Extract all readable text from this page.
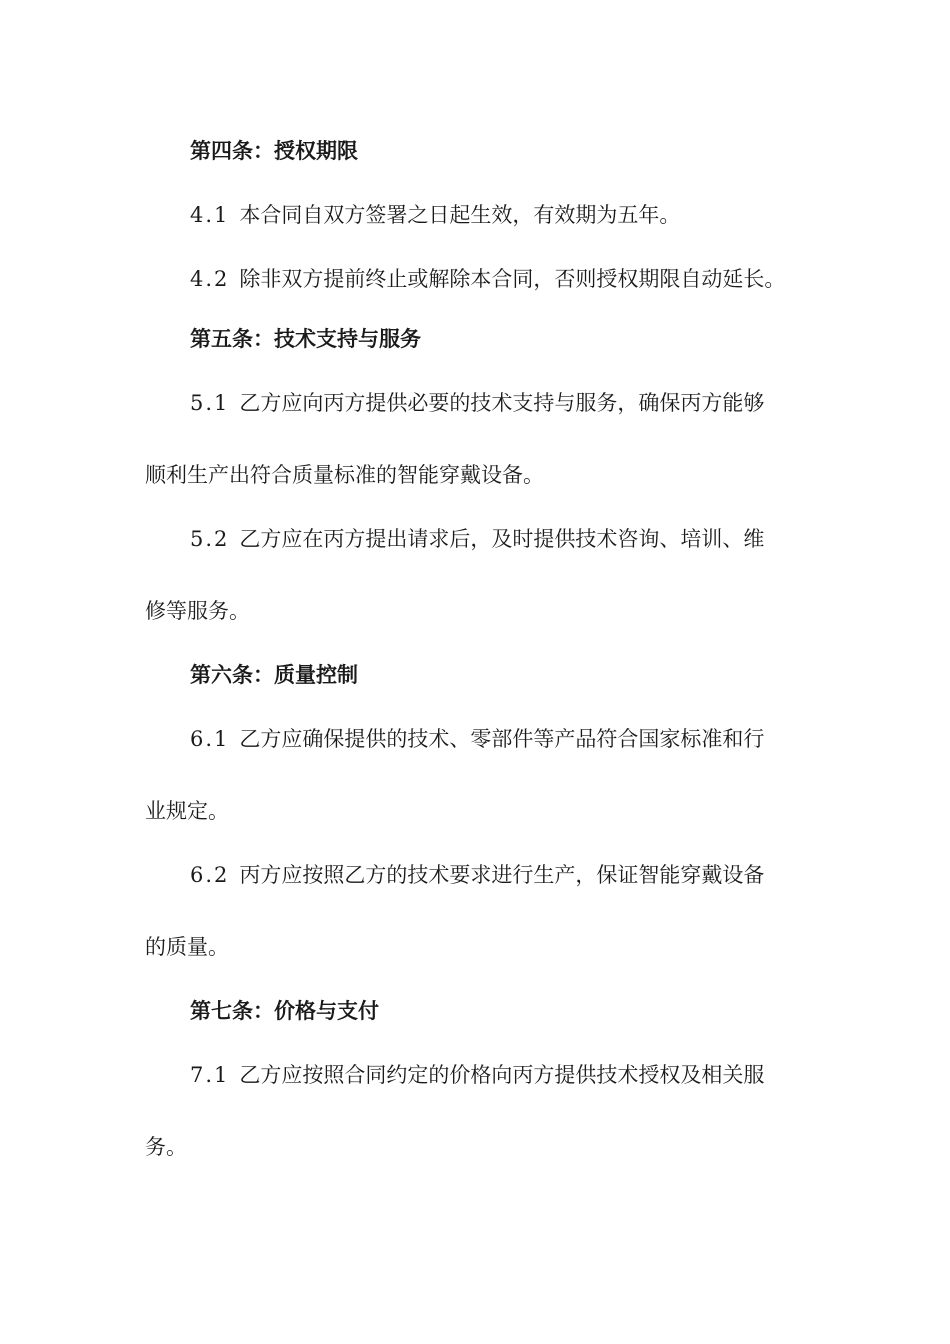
第四条：授权期限
4.1 本合同自双方签署之日起生效，有效期为五年。
4.2 除非双方提前终止或解除本合同，否则授权期限自动延长。
第五条：技术支持与服务
5.1 乙方应向丙方提供必要的技术支持与服务，确保丙方能够
顺利生产出符合质量标准的智能穿戴设备。
5.2 乙方应在丙方提出请求后，及时提供技术咨询、培训、维
修等服务。
第六条：质量控制
6.1 乙方应确保提供的技术、零部件等产品符合国家标准和行
业规定。
6.2 丙方应按照乙方的技术要求进行生产，保证智能穿戴设备
的质量。
第七条：价格与支付
7.1 乙方应按照合同约定的价格向丙方提供技术授权及相关服
务。
